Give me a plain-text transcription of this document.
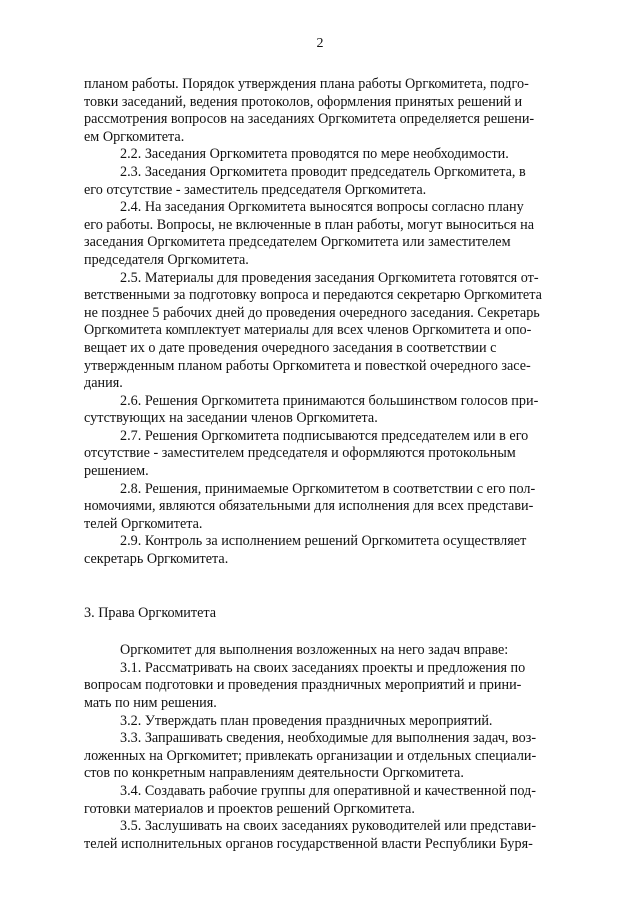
2

планом работы. Порядок утверждения плана работы Оргкомитета, подго-
товки заседаний, ведения протоколов, оформления принятых решений и
рассмотрения вопросов на заседаниях Оргкомитета определяется решени-
ем Оргкомитета.

2.2. Заседания Оргкомитета проводятся по мере необходимости.

2.3. Заседания Оргкомитета проводит председатель Оргкомитета, в
его отсутствие - заместитель председателя Оргкомитета.

2.4. На заседания Оргкомитета выносятся вопросы согласно плану
его работы. Вопросы, не включенные в план работы, могут выноситься на
заседания Оргкомитета председателем Оргкомитета или заместителем
председателя Оргкомитета.

2.5. Материалы для проведения заседания Оргкомитета готовятся от-
ветственными за подготовку вопроса и передаются секретарю Оргкомитета
не позднее 5 рабочих дней до проведения очередного заседания. Секретарь
Оргкомитета комплектует материалы для всех членов Оргкомитета и опо-
вещает их о дате проведения очередного заседания в соответствии с
утвержденным планом работы Оргкомитета и повесткой очередного засе-
дания.

2.6. Решения Оргкомитета принимаются большинством голосов при-
сутствующих на заседании членов Оргкомитета.

2.7. Решения Оргкомитета подписываются председателем или в его
отсутствие - заместителем председателя и оформляются протокольным
решением.

2.8. Решения, принимаемые Оргкомитетом в соответствии с его пол-
номочиями, являются обязательными для исполнения для всех представи-
телей Оргкомитета.

2.9. Контроль за исполнением решений Оргкомитета осуществляет
секретарь Оргкомитета.

3. Права Оргкомитета

Оргкомитет для выполнения возложенных на него задач вправе:

3.1. Рассматривать на своих заседаниях проекты и предложения по
вопросам подготовки и проведения праздничных мероприятий и прини-
мать по ним решения.

3.2. Утверждать план проведения праздничных мероприятий.

3.3. Запрашивать сведения, необходимые для выполнения задач, воз-
ложенных на Оргкомитет; привлекать организации и отдельных специали-
стов по конкретным направлениям деятельности Оргкомитета.

3.4. Создавать рабочие группы для оперативной и качественной под-
готовки материалов и проектов решений Оргкомитета.

3.5. Заслушивать на своих заседаниях руководителей или представи-
телей исполнительных органов государственной власти Республики Буря-
